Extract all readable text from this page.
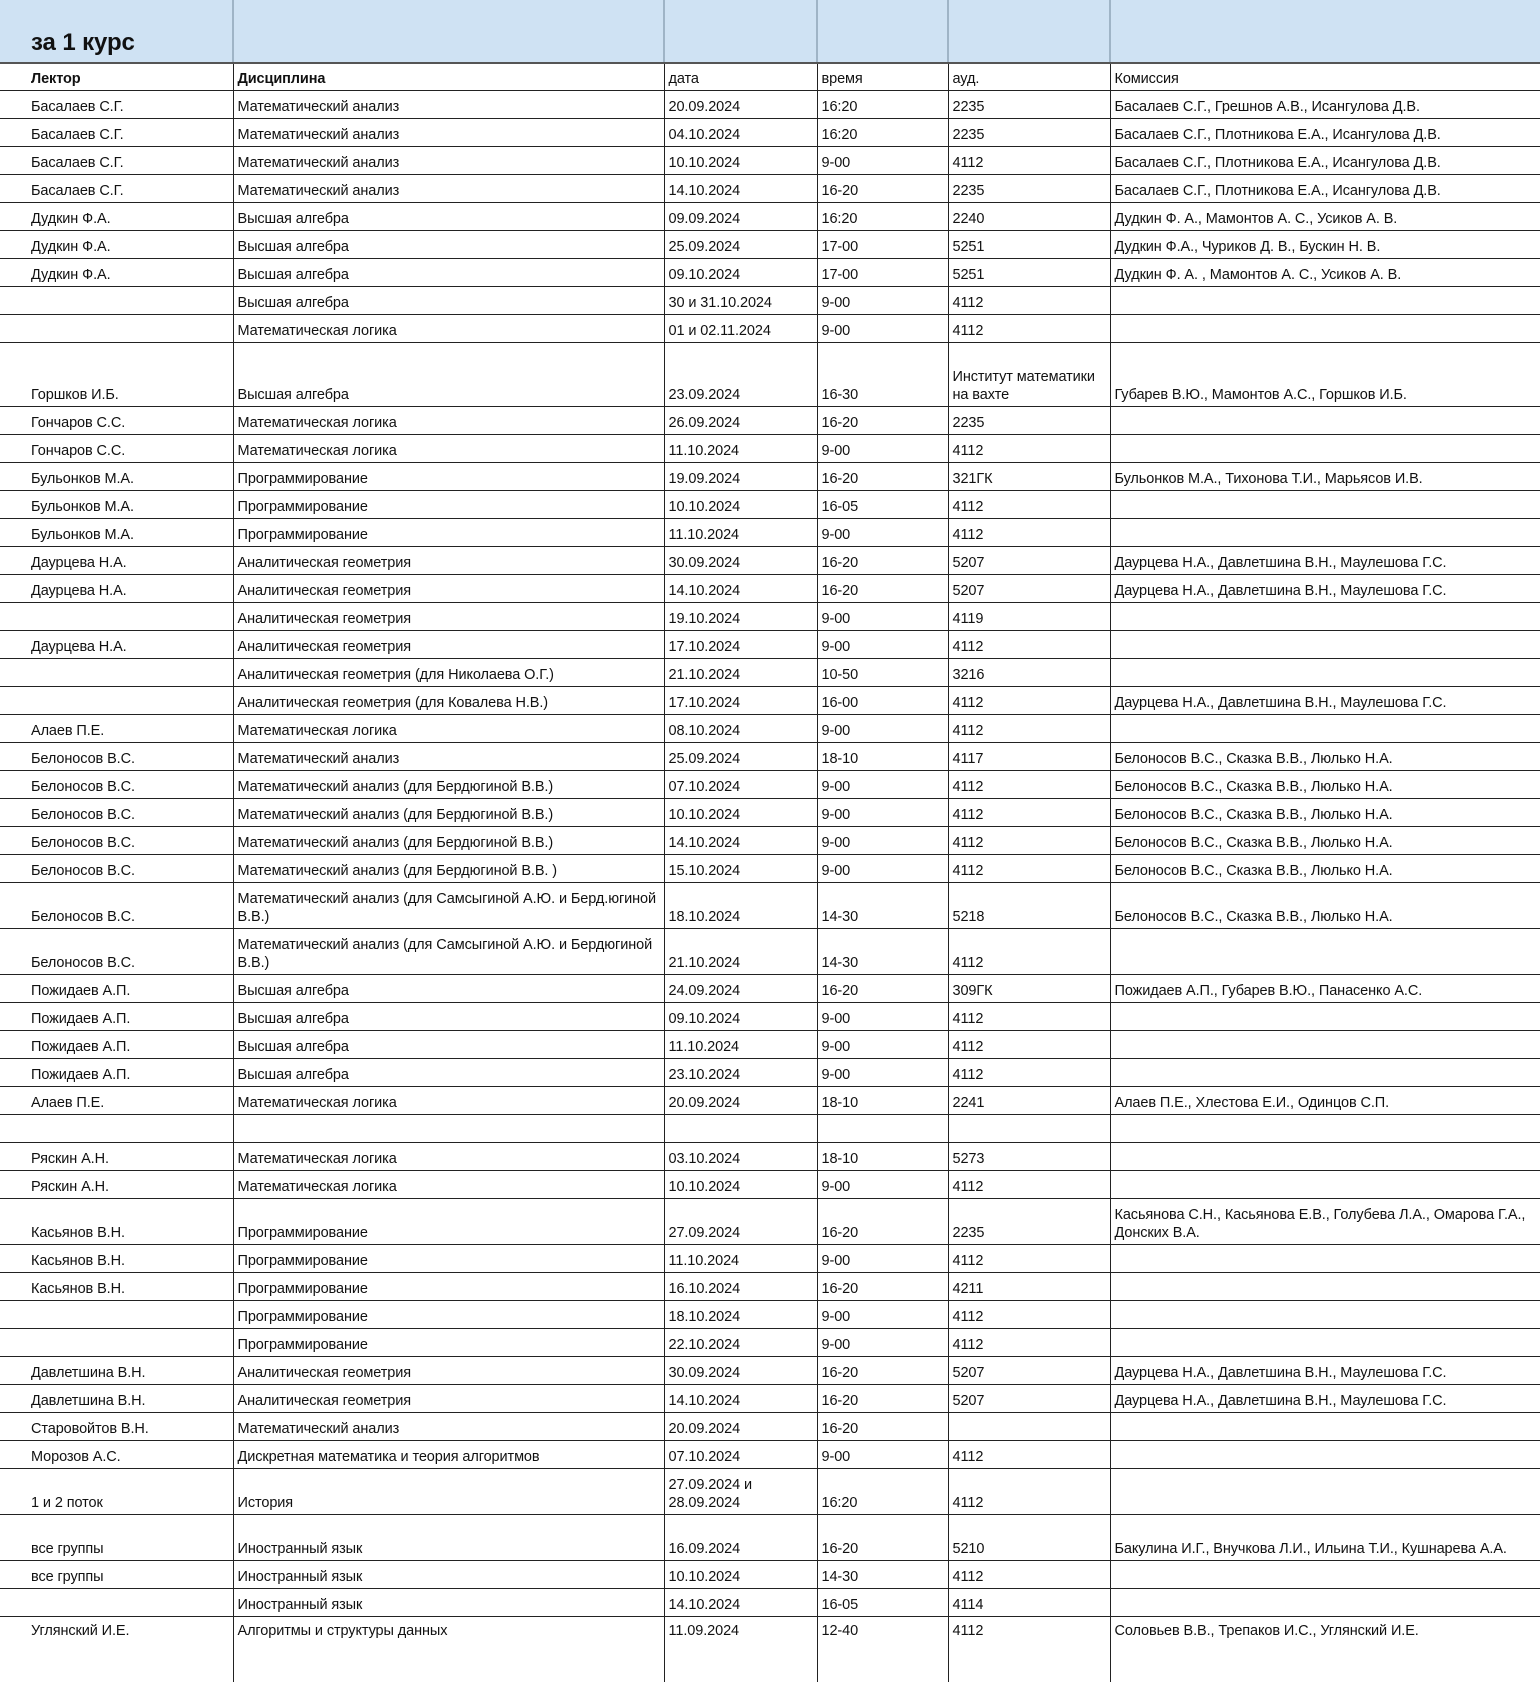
за 1 курс					

Лектор	Дисциплина	дата	время	ауд.	Комиссия
Басалаев С.Г.	Математический анализ	20.09.2024	16:20	2235	Басалаев С.Г., Грешнов А.В., Исангулова Д.В.
Басалаев С.Г.	Математический анализ	04.10.2024	16:20	2235	Басалаев С.Г., Плотникова Е.А., Исангулова Д.В.
Басалаев С.Г.	Математический анализ	10.10.2024	9-00	4112	Басалаев С.Г., Плотникова Е.А., Исангулова Д.В.
Басалаев С.Г.	Математический анализ	14.10.2024	16-20	2235	Басалаев С.Г., Плотникова Е.А., Исангулова Д.В.
Дудкин Ф.А.	Высшая алгебра	09.09.2024	16:20	2240	Дудкин Ф. А., Мамонтов А. С., Усиков А. В.
Дудкин Ф.А.	Высшая алгебра	25.09.2024	17-00	5251	Дудкин Ф.А., Чуриков Д. В., Бускин Н. В.
Дудкин Ф.А.	Высшая алгебра	09.10.2024	17-00	5251	Дудкин Ф. А. , Мамонтов А. С., Усиков А. В.
	Высшая алгебра	30 и 31.10.2024	9-00	4112	
	Математическая логика	01 и 02.11.2024	9-00	4112	
Горшков И.Б.	Высшая алгебра	23.09.2024	16-30	Институт математики на вахте	Губарев В.Ю., Мамонтов А.С., Горшков И.Б.
Гончаров С.С.	Математическая логика	26.09.2024	16-20	2235	
Гончаров С.С.	Математическая логика	11.10.2024	9-00	4112	
Бульонков М.А.	Программирование	19.09.2024	16-20	321ГК	Бульонков М.А., Тихонова Т.И., Марьясов И.В.
Бульонков М.А.	Программирование	10.10.2024	16-05	4112	
Бульонков М.А.	Программирование	11.10.2024	9-00	4112	
Даурцева Н.А.	Аналитическая геометрия	30.09.2024	16-20	5207	Даурцева Н.А., Давлетшина В.Н., Маулешова Г.С.
Даурцева Н.А.	Аналитическая геометрия	14.10.2024	16-20	5207	Даурцева Н.А., Давлетшина В.Н., Маулешова Г.С.
	Аналитическая геометрия	19.10.2024	9-00	4119	
Даурцева Н.А.	Аналитическая геометрия	17.10.2024	9-00	4112	
	Аналитическая геометрия (для Николаева О.Г.)	21.10.2024	10-50	3216	
	Аналитическая геометрия (для Ковалева Н.В.)	17.10.2024	16-00	4112	Даурцева Н.А., Давлетшина В.Н., Маулешова Г.С.
Алаев П.Е.	Математическая логика	08.10.2024	9-00	4112	
Белоносов В.С.	Математический анализ	25.09.2024	18-10	4117	Белоносов В.С., Сказка В.В., Люлько Н.А.
Белоносов В.С.	Математический анализ (для Бердюгиной В.В.)	07.10.2024	9-00	4112	Белоносов В.С., Сказка В.В., Люлько Н.А.
Белоносов В.С.	Математический анализ (для Бердюгиной В.В.)	10.10.2024	9-00	4112	Белоносов В.С., Сказка В.В., Люлько Н.А.
Белоносов В.С.	Математический анализ (для Бердюгиной В.В.)	14.10.2024	9-00	4112	Белоносов В.С., Сказка В.В., Люлько Н.А.
Белоносов В.С.	Математический анализ (для Бердюгиной В.В. )	15.10.2024	9-00	4112	Белоносов В.С., Сказка В.В., Люлько Н.А.
Белоносов В.С.	Математический анализ (для Самсыгиной А.Ю. и Берд.югиной В.В.)	18.10.2024	14-30	5218	Белоносов В.С., Сказка В.В., Люлько Н.А.
Белоносов В.С.	Математический анализ (для Самсыгиной А.Ю. и Бердюгиной В.В.)	21.10.2024	14-30	4112	
Пожидаев А.П.	Высшая алгебра	24.09.2024	16-20	309ГК	Пожидаев А.П., Губарев В.Ю., Панасенко А.С.
Пожидаев А.П.	Высшая алгебра	09.10.2024	9-00	4112	
Пожидаев А.П.	Высшая алгебра	11.10.2024	9-00	4112	
Пожидаев А.П.	Высшая алгебра	23.10.2024	9-00	4112	
Алаев П.Е.	Математическая логика	20.09.2024	18-10	2241	Алаев П.Е., Хлестова Е.И., Одинцов С.П.

Ряскин А.Н.	Математическая логика	03.10.2024	18-10	5273	
Ряскин А.Н.	Математическая логика	10.10.2024	9-00	4112	
Касьянов В.Н.	Программирование	27.09.2024	16-20	2235	Касьянова С.Н., Касьянова Е.В., Голубева Л.А., Омарова Г.А., Донских В.А.
Касьянов В.Н.	Программирование	11.10.2024	9-00	4112	
Касьянов В.Н.	Программирование	16.10.2024	16-20	4211	
	Программирование	18.10.2024	9-00	4112	
	Программирование	22.10.2024	9-00	4112	
Давлетшина В.Н.	Аналитическая геометрия	30.09.2024	16-20	5207	Даурцева Н.А., Давлетшина В.Н., Маулешова Г.С.
Давлетшина В.Н.	Аналитическая геометрия	14.10.2024	16-20	5207	Даурцева Н.А., Давлетшина В.Н., Маулешова Г.С.
Старовойтов В.Н.	Математический анализ	20.09.2024	16-20		
Морозов А.С.	Дискретная математика и теория алгоритмов	07.10.2024	9-00	4112	
1 и 2 поток	История	27.09.2024 и 28.09.2024	16:20	4112	
все группы	Иностранный язык	16.09.2024	16-20	5210	Бакулина И.Г., Внучкова Л.И., Ильина Т.И., Кушнарева А.А.
все группы	Иностранный язык	10.10.2024	14-30	4112	
	Иностранный язык	14.10.2024	16-05	4114	
Углянский И.Е.	Алгоритмы и структуры данных	11.09.2024	12-40	4112	Соловьев В.В., Трепаков И.С., Углянский И.Е.
